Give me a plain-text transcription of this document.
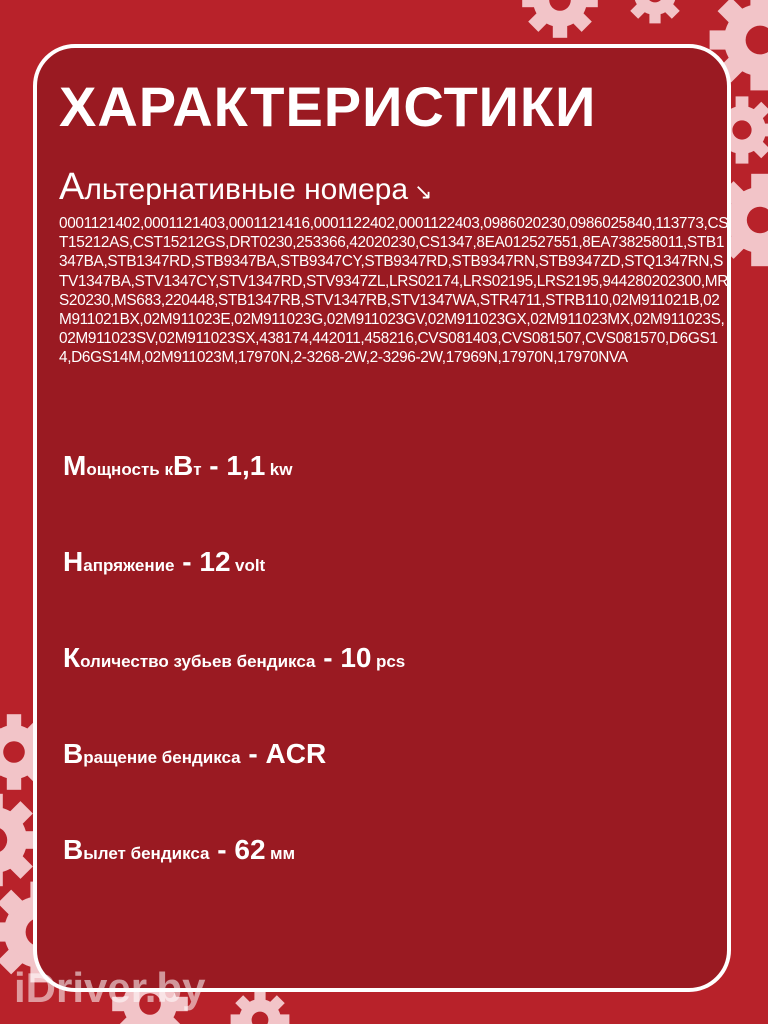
ХАРАКТЕРИСТИКИ
Альтернативные номера ↘

0001121402,0001121403,0001121416,0001122402,0001122403,0986020230,0986025840,113773,CST15212AS,CST15212GS,DRT0230,253366,42020230,CS1347,8EA012527551,8EA738258011,STB1347BA,STB1347RD,STB9347BA,STB9347CY,STB9347RD,STB9347RN,STB9347ZD,STQ1347RN,STV1347BA,STV1347CY,STV1347RD,STV9347ZL,LRS02174,LRS02195,LRS2195,944280202300,MRS20230,MS683,220448,STB1347RB,STV1347RB,STV1347WA,STR4711,STRB110,02M911021B,02M911021BX,02M911023E,02M911023G,02M911023GV,02M911023GX,02M911023MX,02M911023S,02M911023SV,02M911023SX,438174,442011,458216,CVS081403,CVS081507,CVS081570,D6GS14,D6GS14M,02M911023M,17970N,2-3268-2W,2-3296-2W,17969N,17970N,17970NVA

Мощность кВт - 1,1 kw

Напряжение - 12 volt

Количество зубьев бендикса - 10 pcs

Вращение бендикса - ACR

Вылет бендикса - 62 мм

iDriver.by
